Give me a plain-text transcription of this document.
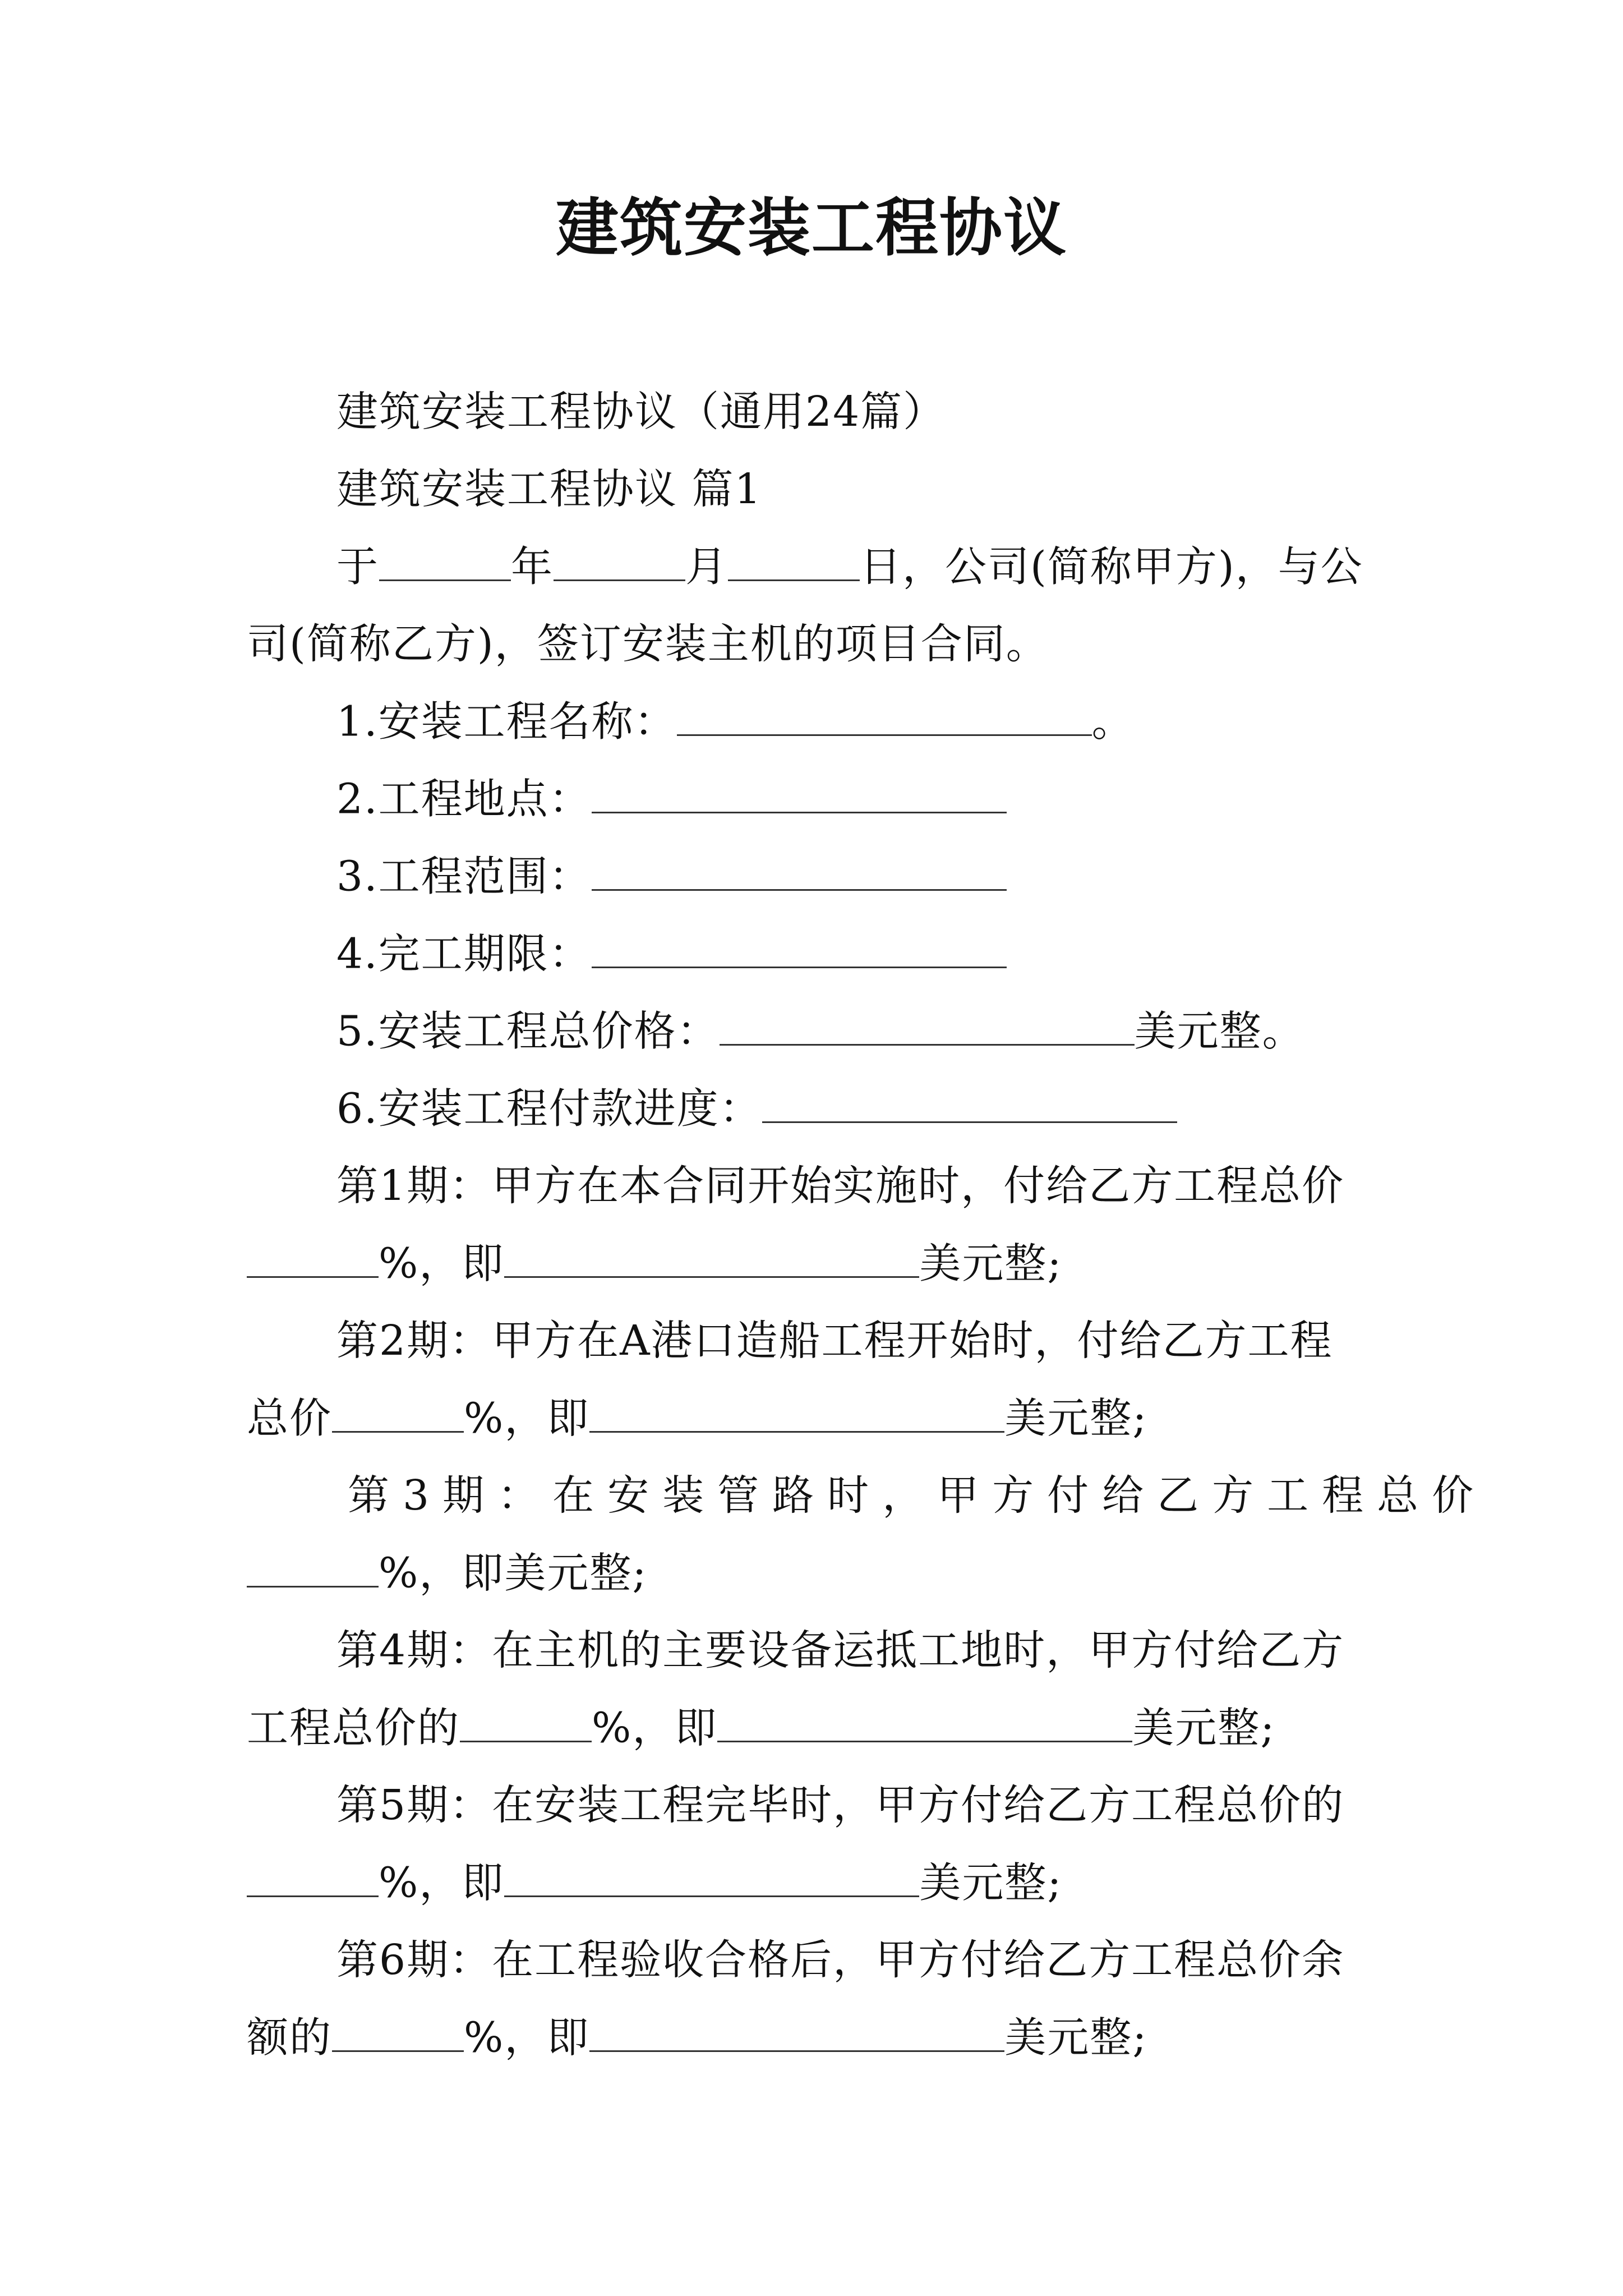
建筑安装工程协议
建筑安装工程协议（通用24篇）
建筑安装工程协议 篇1
于	年	月	日，公司(简称甲方)，与公
司(简称乙方)，签订安装主机的项目合同。
1.安装工程名称：	。
2.工程地点：
3.工程范围：
4.完工期限：
5.安装工程总价格：	美元整。
6.安装工程付款进度：
第1期：甲方在本合同开始实施时，付给乙方工程总价
%，即	美元整;
第2期：甲方在A港口造船工程开始时，付给乙方工程
总价	%，即	美元整;
第3期：在安装管路时，甲方付给乙方工程总价
%，即美元整;
第4期：在主机的主要设备运抵工地时，甲方付给乙方
工程总价的	%，即	美元整;
第5期：在安装工程完毕时，甲方付给乙方工程总价的
%，即	美元整;
第6期：在工程验收合格后，甲方付给乙方工程总价余
额的	%，即	美元整;
